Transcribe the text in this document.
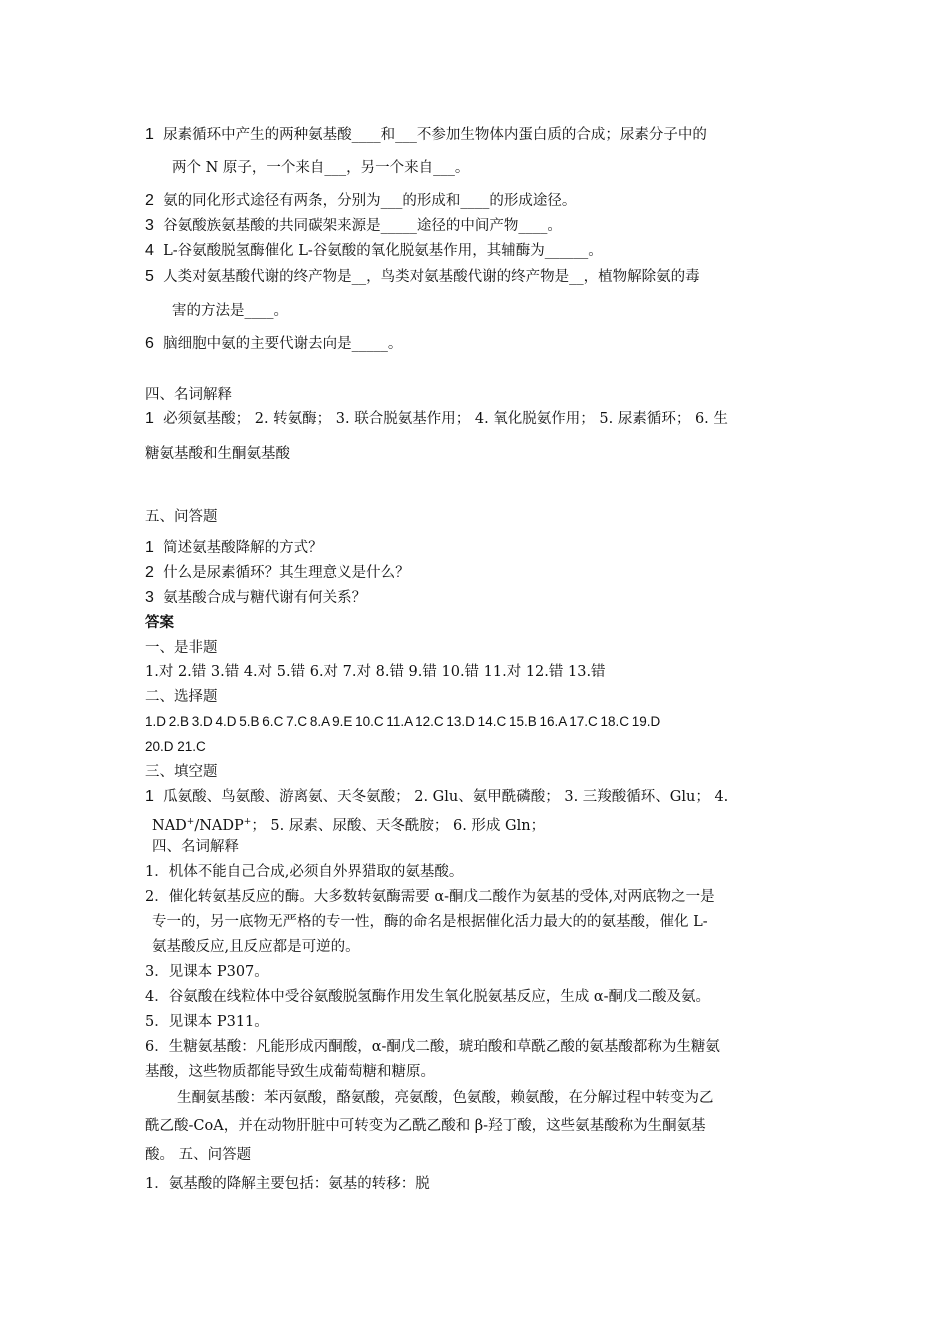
1 尿素循环中产生的两种氨基酸____和___不参加生物体内蛋白质的合成；尿素分子中的
两个 N 原子，一个来自___，另一个来自___。
2 氨的同化形式途径有两条，分别为___的形成和____的形成途径。
3 谷氨酸族氨基酸的共同碳架来源是_____途径的中间产物____。
4 L-谷氨酸脱氢酶催化 L-谷氨酸的氧化脱氨基作用，其辅酶为______。
5 人类对氨基酸代谢的终产物是__，鸟类对氨基酸代谢的终产物是__，植物解除氨的毒
害的方法是____。
6 脑细胞中氨的主要代谢去向是_____。
四、名词解释
1 必须氨基酸； 2. 转氨酶； 3. 联合脱氨基作用； 4. 氧化脱氨作用； 5. 尿素循环； 6. 生
糖氨基酸和生酮氨基酸
五、问答题
1 简述氨基酸降解的方式？
2 什么是尿素循环？其生理意义是什么？
3 氨基酸合成与糖代谢有何关系？
答案
一、是非题
1.对 2.错 3.错 4.对 5.错 6.对 7.对 8.错 9.错 10.错 11.对 12.错 13.错
二、选择题
1.D 2.B 3.D 4.D 5.B 6.C 7.C 8.A 9.E 10.C 11.A 12.C 13.D 14.C 15.B 16.A 17.C 18.C 19.D
20.D 21.C
三、填空题
1 瓜氨酸、鸟氨酸、游离氨、天冬氨酸； 2. Glu、氨甲酰磷酸； 3. 三羧酸循环、Glu； 4.
NAD+/NADP+； 5. 尿素、尿酸、天冬酰胺； 6. 形成 Gln；
四、名词解释
1．机体不能自己合成,必须自外界猎取的氨基酸。
2．催化转氨基反应的酶。大多数转氨酶需要 α-酮戊二酸作为氨基的受体,对两底物之一是
专一的，另一底物无严格的专一性，酶的命名是根据催化活力最大的的氨基酸，催化 L-
氨基酸反应,且反应都是可逆的。
3．见课本 P307。
4．谷氨酸在线粒体中受谷氨酸脱氢酶作用发生氧化脱氨基反应，生成 α-酮戊二酸及氨。
5．见课本 P311。
6．生糖氨基酸：凡能形成丙酮酸，α-酮戊二酸，琥珀酸和草酰乙酸的氨基酸都称为生糖氨
基酸，这些物质都能导致生成葡萄糖和糖原。
生酮氨基酸：苯丙氨酸，酪氨酸，亮氨酸，色氨酸，赖氨酸，在分解过程中转变为乙
酰乙酸-CoA，并在动物肝脏中可转变为乙酰乙酸和 β-羟丁酸，这些氨基酸称为生酮氨基
酸。 五、问答题
1．氨基酸的降解主要包括：氨基的转移：脱
